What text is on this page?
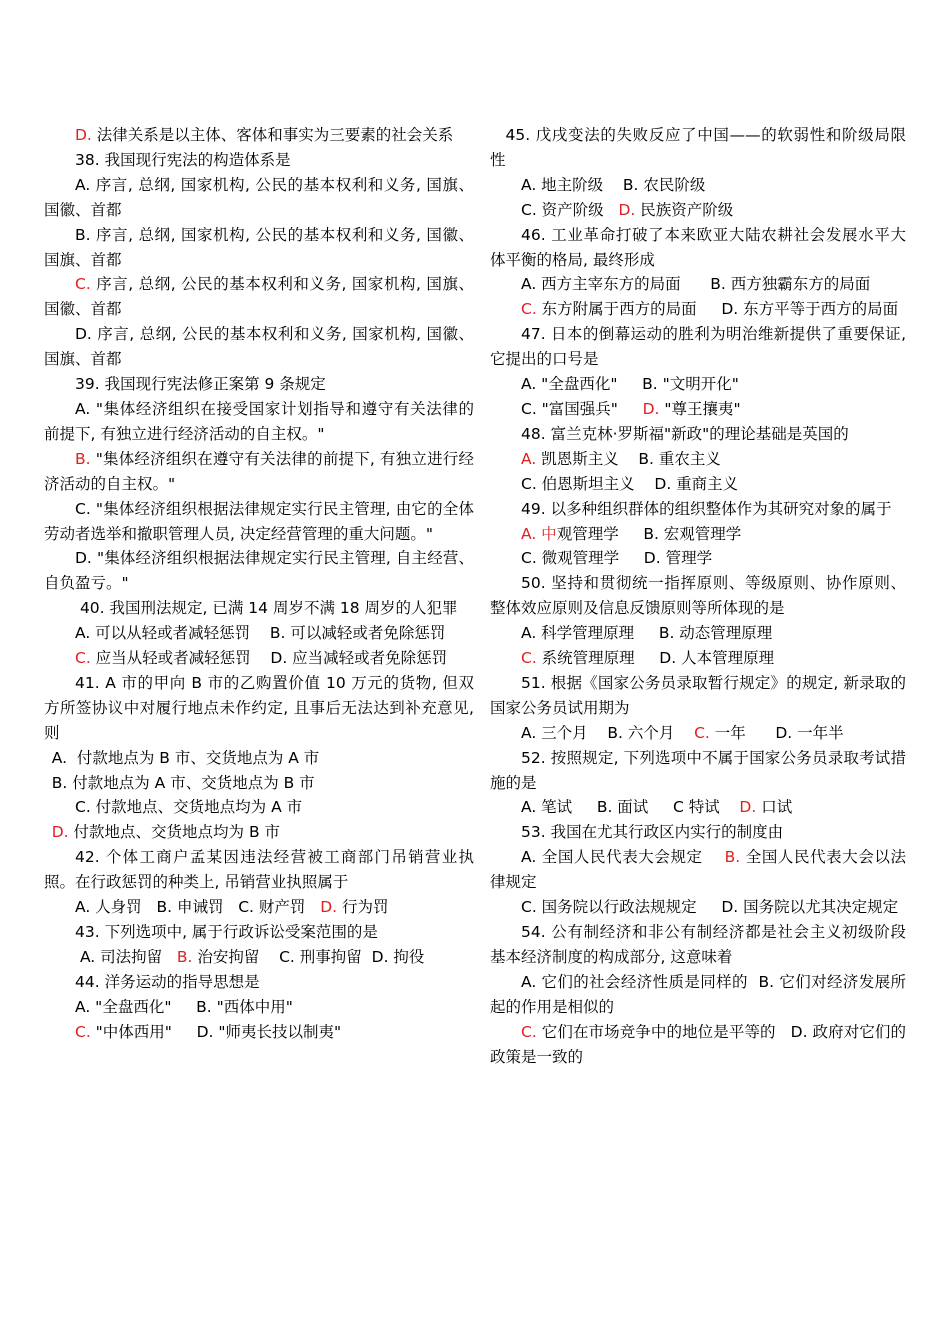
D. 法律关系是以主体、客体和事实为三要素的社会关系

38. 我国现行宪法的构造体系是

A. 序言, 总纲, 国家机构, 公民的基本权利和义务, 国旗、国徽、首都

B. 序言, 总纲, 国家机构, 公民的基本权利和义务, 国徽、国旗、首都

C. 序言, 总纲, 公民的基本权利和义务, 国家机构, 国旗、国徽、首都

D. 序言, 总纲, 公民的基本权利和义务, 国家机构, 国徽、国旗、首都

39. 我国现行宪法修正案第 9 条规定

A. "集体经济组织在接受国家计划指导和遵守有关法律的前提下, 有独立进行经济活动的自主权。"

B. "集体经济组织在遵守有关法律的前提下, 有独立进行经济活动的自主权。"

C. "集体经济组织根据法律规定实行民主管理, 由它的全体劳动者选举和撤职管理人员, 决定经营管理的重大问题。"

D. "集体经济组织根据法律规定实行民主管理, 自主经营、自负盈亏。"

40. 我国刑法规定, 已满 14 周岁不满 18 周岁的人犯罪

A. 可以从轻或者减轻惩罚    B. 可以减轻或者免除惩罚

C. 应当从轻或者减轻惩罚    D. 应当减轻或者免除惩罚

41. A 市的甲向 B 市的乙购置价值 10 万元的货物, 但双方所签协议中对履行地点未作约定, 且事后无法达到补充意见, 则

A.  付款地点为 B 市、交货地点为 A 市

B. 付款地点为 A 市、交货地点为 B 市

C. 付款地点、交货地点均为 A 市

D. 付款地点、交货地点均为 B 市

42. 个体工商户孟某因违法经营被工商部门吊销营业执照。在行政惩罚的种类上, 吊销营业执照属于

A. 人身罚   B. 申诫罚   C. 财产罚   D. 行为罚

43. 下列选项中, 属于行政诉讼受案范围的是

A. 司法拘留   B. 治安拘留    C. 刑事拘留  D. 拘役

44. 洋务运动的指导思想是

A. "全盘西化"     B. "西体中用"

C. "中体西用"     D. "师夷长技以制夷"

45. 戊戌变法的失败反应了中国——的软弱性和阶级局限性

A. 地主阶级    B. 农民阶级

C. 资产阶级   D. 民族资产阶级

46. 工业革命打破了本来欧亚大陆农耕社会发展水平大体平衡的格局, 最终形成

A. 西方主宰东方的局面      B. 西方独霸东方的局面

C. 东方附属于西方的局面     D. 东方平等于西方的局面

47. 日本的倒幕运动的胜利为明治维新提供了重要保证, 它提出的口号是

A. "全盘西化"     B. "文明开化"

C. "富国强兵"     D. "尊王攘夷"

48. 富兰克林·罗斯福"新政"的理论基础是英国的

A. 凯恩斯主义    B. 重农主义

C. 伯恩斯坦主义    D. 重商主义

49. 以多种组织群体的组织整体作为其研究对象的属于

A. 中观管理学     B. 宏观管理学

C. 微观管理学     D. 管理学

50. 坚持和贯彻统一指挥原则、等级原则、协作原则、整体效应原则及信息反馈原则等所体现的是

A. 科学管理原理     B. 动态管理原理

C. 系统管理原理     D. 人本管理原理

51. 根据《国家公务员录取暂行规定》的规定, 新录取的国家公务员试用期为

A. 三个月    B. 六个月    C. 一年      D. 一年半

52. 按照规定, 下列选项中不属于国家公务员录取考试措施的是

A. 笔试     B. 面试     C 特试    D. 口试

53. 我国在尤其行政区内实行的制度由

A. 全国人民代表大会规定    B. 全国人民代表大会以法律规定

C. 国务院以行政法规规定     D. 国务院以尤其决定规定

54. 公有制经济和非公有制经济都是社会主义初级阶段基本经济制度的构成部分, 这意味着

A. 它们的社会经济性质是同样的  B. 它们对经济发展所起的作用是相似的

C. 它们在市场竞争中的地位是平等的   D. 政府对它们的政策是一致的
